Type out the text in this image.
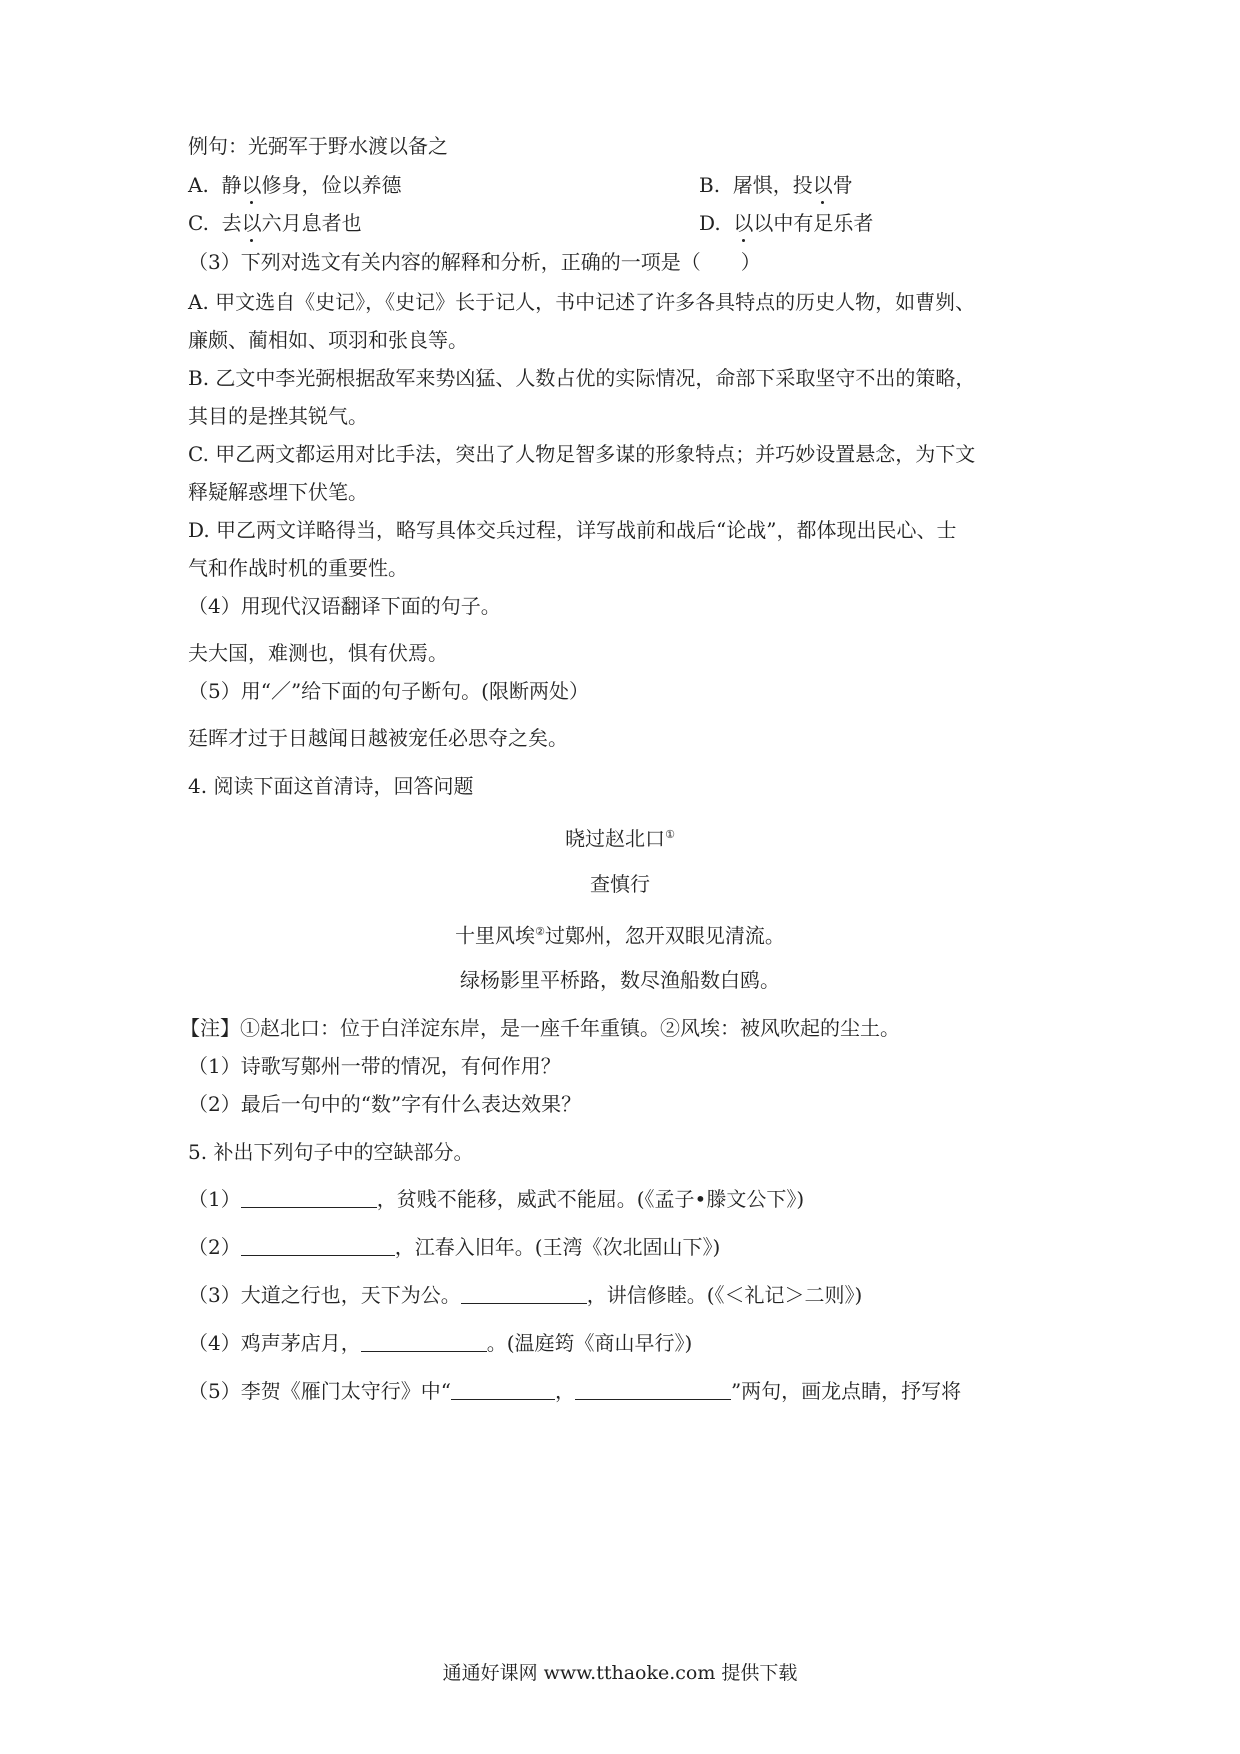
例句：光弼军于野水渡以备之
A. 静以修身，俭以养德	B. 屠惧，投以骨
C. 去以六月息者也	D. 以以中有足乐者
（3）下列对选文有关内容的解释和分析，正确的一项是（　　）
A. 甲文选自《史记》，《史记》长于记人，书中记述了许多各具特点的历史人物，如曹刿、
廉颇、蔺相如、项羽和张良等。
B. 乙文中李光弼根据敌军来势凶猛、人数占优的实际情况，命部下采取坚守不出的策略，
其目的是挫其锐气。
C. 甲乙两文都运用对比手法，突出了人物足智多谋的形象特点；并巧妙设置悬念，为下文
释疑解惑埋下伏笔。
D. 甲乙两文详略得当，略写具体交兵过程，详写战前和战后“论战”，都体现出民心、士
气和作战时机的重要性。
（4）用现代汉语翻译下面的句子。
夫大国，难测也，惧有伏焉。
（5）用“／”给下面的句子断句。(限断两处）
廷晖才过于日越闻日越被宠任必思夺之矣。
4. 阅读下面这首清诗，回答问题
晓过赵北口①
查慎行
十里风埃②过鄚州，忽开双眼见清流。
绿杨影里平桥路，数尽渔船数白鸥。
【注】①赵北口：位于白洋淀东岸，是一座千年重镇。②风埃：被风吹起的尘土。
（1）诗歌写鄚州一带的情况，有何作用？
（2）最后一句中的“数”字有什么表达效果？
5. 补出下列句子中的空缺部分。
（1）	，贫贱不能移，威武不能屈。(《孟子•滕文公下》)
（2）	，江春入旧年。(王湾《次北固山下》)
（3）大道之行也，天下为公。	，讲信修睦。(《＜礼记＞二则》)
（4）鸡声茅店月，	。(温庭筠《商山早行》)
（5）李贺《雁门太守行》中“	，	”两句，画龙点睛，抒写将
通通好课网 www.tthaoke.com 提供下载
